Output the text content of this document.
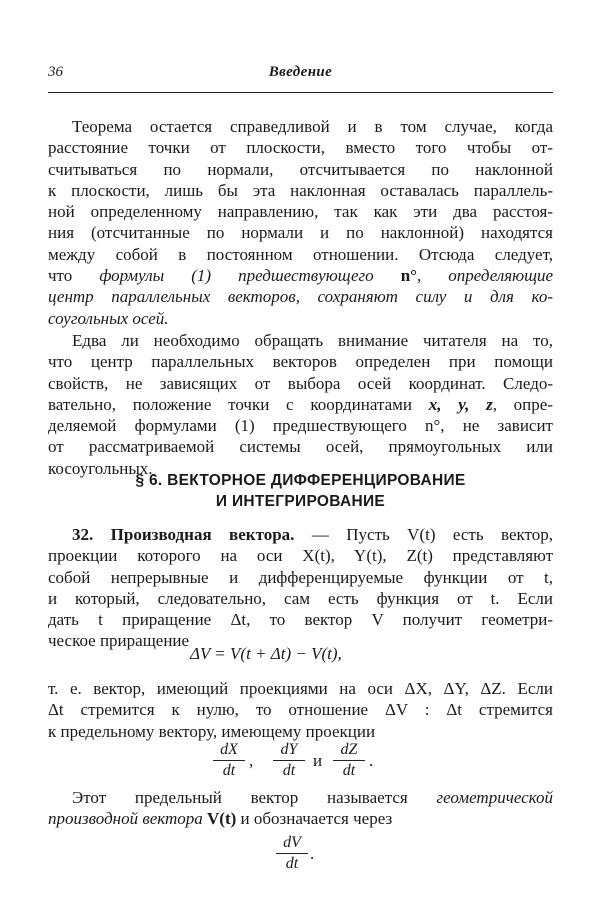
36	Введение
Теорема остается справедливой и в том случае, когда
расстояние точки от плоскости, вместо того чтобы от-
считываться по нормали, отсчитывается по наклонной
к плоскости, лишь бы эта наклонная оставалась параллель-
ной определенному направлению, так как эти два расстоя-
ния (отсчитанные по нормали и по наклонной) находятся
между собой в постоянном отношении. Отсюда следует,
что формулы (1) предшествующего n°, определяющие
центр параллельных векторов, сохраняют силу и для ко-
соугольных осей.
Едва ли необходимо обращать внимание читателя на то,
что центр параллельных векторов определен при помощи
свойств, не зависящих от выбора осей координат. Следо-
вательно, положение точки с координатами x, y, z, опре-
деляемой формулами (1) предшествующего n°, не зависит
от рассматриваемой системы осей, прямоугольных или
косоугольных.
§ 6. ВЕКТОРНОЕ ДИФФЕРЕНЦИРОВАНИЕ
И ИНТЕГРИРОВАНИЕ
32. Производная вектора. — Пусть V(t) есть вектор,
проекции которого на оси X(t), Y(t), Z(t) представляют
собой непрерывные и дифференцируемые функции от t,
и который, следовательно, сам есть функция от t. Если
дать t приращение Δt, то вектор V получит геометри-
ческое приращение
ΔV = V(t + Δt) − V(t),
т. е. вектор, имеющий проекциями на оси ΔX, ΔY, ΔZ. Если
Δt стремится к нулю, то отношение ΔV : Δt стремится
к предельному вектору, имеющему проекции
$\frac{dX}{dt}$ , $\frac{dY}{dt}$ и $\frac{dZ}{dt}$ .
Этот предельный вектор называется геометрической
производной вектора V(t) и обозначается через
$\frac{dV}{dt}$ .
